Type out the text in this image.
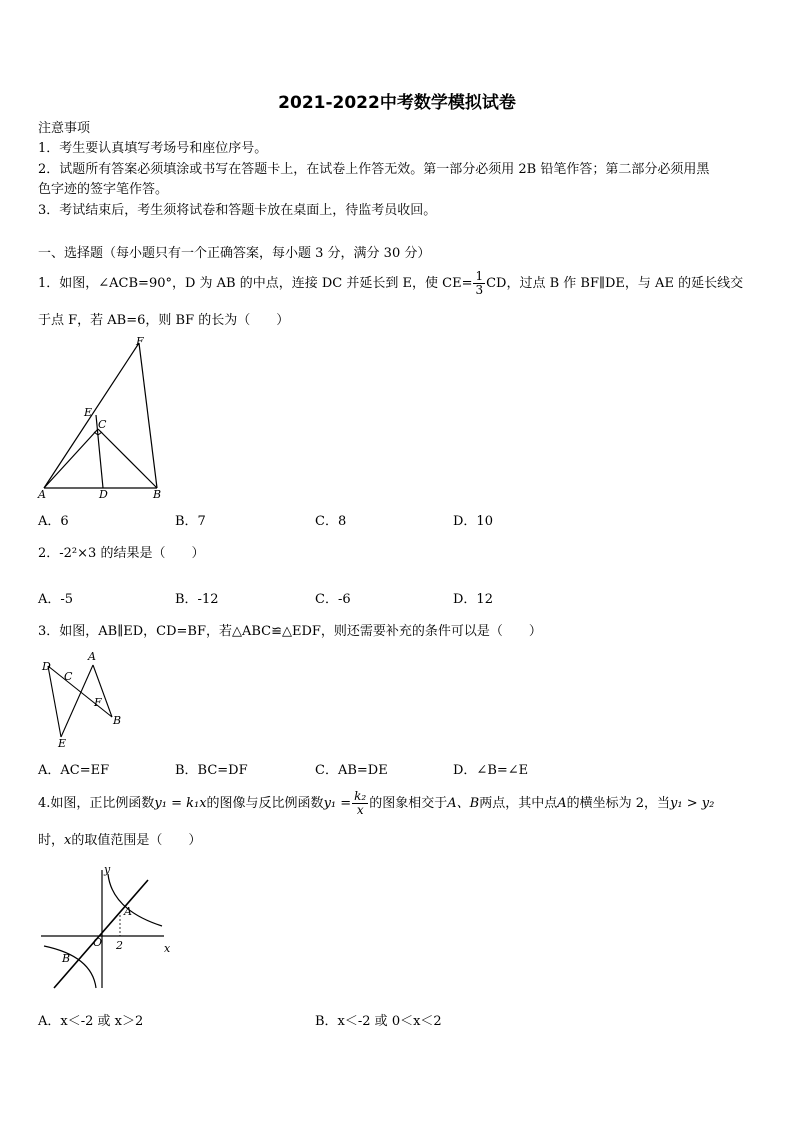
2021-2022中考数学模拟试卷
注意事项
1．考生要认真填写考场号和座位序号。
2．试题所有答案必须填涂或书写在答题卡上，在试卷上作答无效。第一部分必须用 2B 铅笔作答；第二部分必须用黑
色字迹的签字笔作答。
3．考试结束后，考生须将试卷和答题卡放在桌面上，待监考员收回。
一、选择题（每小题只有一个正确答案，每小题 3 分，满分 30 分）
1．如图，∠ACB=90°，D 为 AB 的中点，连接 DC 并延长到 E，使 $CE= \frac{1}{3}$ CD，过点 B 作 BF∥DE，与 AE 的延长线交
于点 F，若 AB=6，则 BF 的长为（　　）
F
E
C
A	D	B
A．6	B．7	C．8	D．10
2．-2²×3 的结果是（　　）
A．-5	B．-12	C．-6	D．12
3．如图，AB∥ED，CD=BF，若△ABC≌△EDF，则还需要补充的条件可以是（　　）
D
A
C
F
B
E
A．AC=EF	B．BC=DF	C．AB=DE	D．∠B=∠E
4.如图，正比例函数y₁ = k₁x的图像与反比例函数$y_1 = \frac{\text{k₂}}{x}$ 的图象相交于A、B两点，其中点A的横坐标为 2，当y₁ > y₂
时，x的取值范围是（　　）
y
A
O 2	x
B
A．x＜-2 或 x＞2	B．x＜-2 或 0＜x＜2
